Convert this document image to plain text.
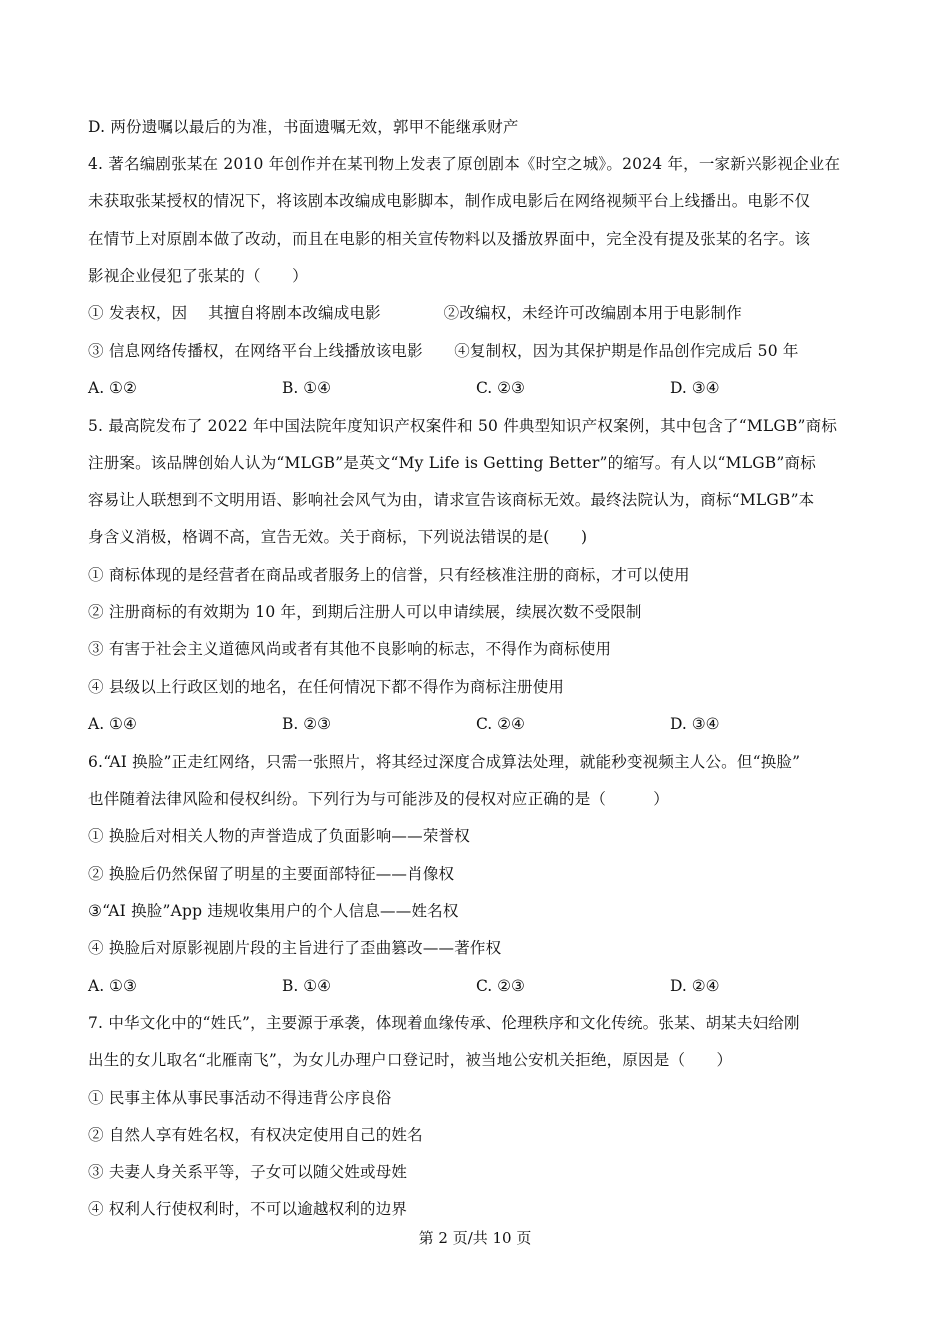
D. 两份遗嘱以最后的为准，书面遗嘱无效，郭甲不能继承财产
4. 著名编剧张某在 2010 年创作并在某刊物上发表了原创剧本《时空之城》。2024 年，一家新兴影视企业在
未获取张某授权的情况下，将该剧本改编成电影脚本，制作成电影后在网络视频平台上线播出。电影不仅
在情节上对原剧本做了改动，而且在电影的相关宣传物料以及播放界面中，完全没有提及张某的名字。该
影视企业侵犯了张某的（　　）
① 发表权，因　 其擅自将剧本改编成电影　　　　②改编权，未经许可改编剧本用于电影制作
③ 信息网络传播权，在网络平台上线播放该电影　　④复制权，因为其保护期是作品创作完成后 50 年
A. ①②	B. ①④	C. ②③	D. ③④
5. 最高院发布了 2022 年中国法院年度知识产权案件和 50 件典型知识产权案例，其中包含了“MLGB”商标
注册案。该品牌创始人认为“MLGB”是英文“My Life is Getting Better”的缩写。有人以“MLGB”商标
容易让人联想到不文明用语、影响社会风气为由，请求宣告该商标无效。最终法院认为，商标“MLGB”本
身含义消极，格调不高，宣告无效。关于商标，下列说法错误的是(　　)
① 商标体现的是经营者在商品或者服务上的信誉，只有经核准注册的商标，才可以使用
② 注册商标的有效期为 10 年，到期后注册人可以申请续展，续展次数不受限制
③ 有害于社会主义道德风尚或者有其他不良影响的标志，不得作为商标使用
④ 县级以上行政区划的地名，在任何情况下都不得作为商标注册使用
A. ①④	B. ②③	C. ②④	D. ③④
6.“AI 换脸”正走红网络，只需一张照片，将其经过深度合成算法处理，就能秒变视频主人公。但“换脸”
也伴随着法律风险和侵权纠纷。下列行为与可能涉及的侵权对应正确的是（　　　）
① 换脸后对相关人物的声誉造成了负面影响——荣誉权
② 换脸后仍然保留了明星的主要面部特征——肖像权
③“AI 换脸”App 违规收集用户的个人信息——姓名权
④ 换脸后对原影视剧片段的主旨进行了歪曲篡改——著作权
A. ①③	B. ①④	C. ②③	D. ②④
7. 中华文化中的“姓氏”，主要源于承袭，体现着血缘传承、伦理秩序和文化传统。张某、胡某夫妇给刚
出生的女儿取名“北雁南飞”，为女儿办理户口登记时，被当地公安机关拒绝，原因是（　　）
① 民事主体从事民事活动不得违背公序良俗
② 自然人享有姓名权，有权决定使用自己的姓名
③ 夫妻人身关系平等，子女可以随父姓或母姓
④ 权利人行使权利时，不可以逾越权利的边界
第 2 页/共 10 页
